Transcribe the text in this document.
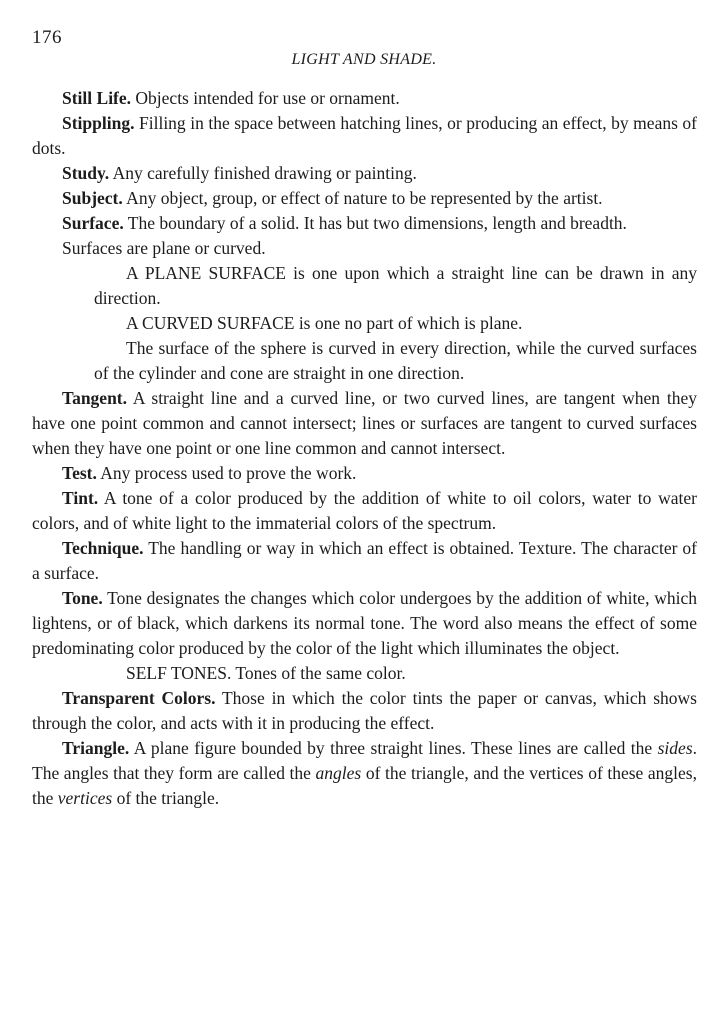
176
LIGHT AND SHADE.

Still Life. Objects intended for use or ornament.

Stippling. Filling in the space between hatching lines, or producing an effect, by means of dots.

Study. Any carefully finished drawing or painting.

Subject. Any object, group, or effect of nature to be represented by the artist.

Surface. The boundary of a solid. It has but two dimensions, length and breadth.

Surfaces are plane or curved.

A PLANE SURFACE is one upon which a straight line can be drawn in any direction.

A CURVED SURFACE is one no part of which is plane.

The surface of the sphere is curved in every direction, while the curved surfaces of the cylinder and cone are straight in one direction.

Tangent. A straight line and a curved line, or two curved lines, are tangent when they have one point common and cannot intersect; lines or surfaces are tangent to curved surfaces when they have one point or one line common and cannot intersect.

Test. Any process used to prove the work.

Tint. A tone of a color produced by the addition of white to oil colors, water to water colors, and of white light to the immaterial colors of the spectrum.

Technique. The handling or way in which an effect is obtained. Texture. The character of a surface.

Tone. Tone designates the changes which color undergoes by the addition of white, which lightens, or of black, which darkens its normal tone. The word also means the effect of some predominating color produced by the color of the light which illuminates the object.

SELF TONES. Tones of the same color.

Transparent Colors. Those in which the color tints the paper or canvas, which shows through the color, and acts with it in producing the effect.

Triangle. A plane figure bounded by three straight lines. These lines are called the sides. The angles that they form are called the angles of the triangle, and the vertices of these angles, the vertices of the triangle.
